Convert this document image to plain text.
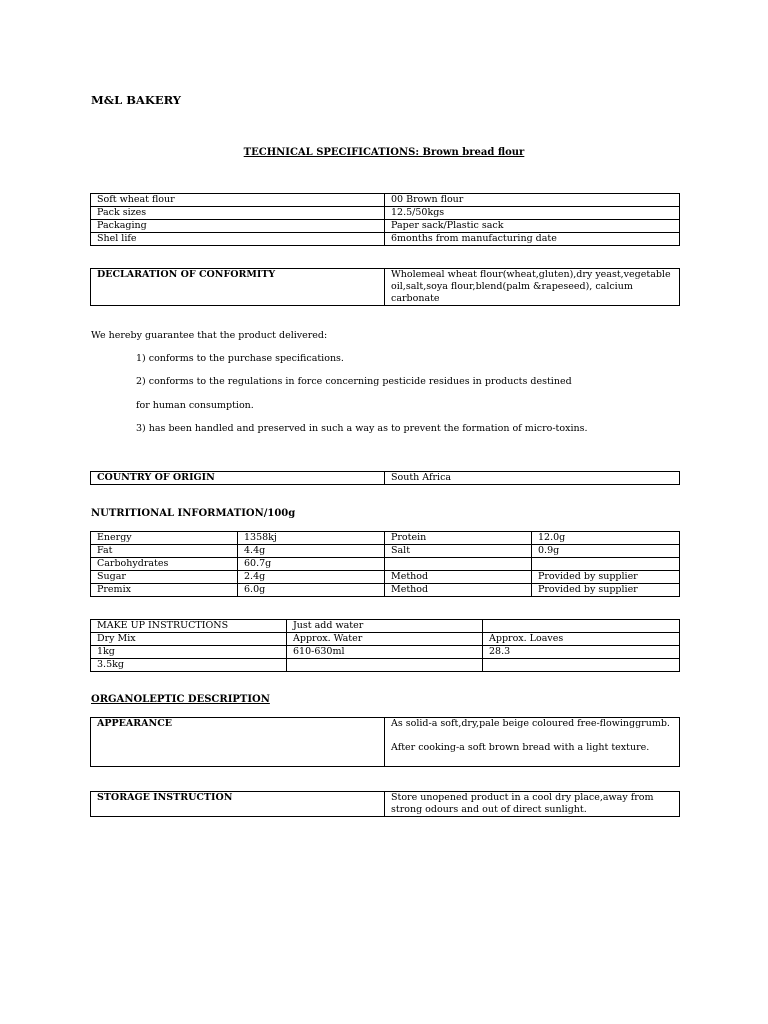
M&L BAKERY
TECHNICAL SPECIFICATIONS: Brown bread flour
Soft wheat flour	00 Brown flour
Pack sizes	12.5/50kgs
Packaging	Paper sack/Plastic sack
Shel life	6months from manufacturing date
DECLARATION OF CONFORMITY	Wholemeal wheat flour(wheat,gluten),dry yeast,vegetable oil,salt,soya flour,blend(palm &rapeseed), calcium carbonate
We hereby guarantee that the product delivered:
1) conforms to the purchase specifications.
2) conforms to the regulations in force concerning pesticide residues in products destined
for human consumption.
3) has been handled and preserved in such a way as to prevent the formation of micro-toxins.
COUNTRY OF ORIGIN	South Africa
NUTRITIONAL INFORMATION/100g
Energy	1358kj	Protein	12.0g
Fat	4.4g	Salt	0.9g
Carbohydrates	60.7g		
Sugar	2.4g	Method	Provided by supplier
Premix	6.0g	Method	Provided by supplier
MAKE UP INSTRUCTIONS	Just add water	
Dry Mix	Approx. Water	Approx. Loaves
1kg	610-630ml	28.3
3.5kg		
ORGANOLEPTIC DESCRIPTION
APPEARANCE	As solid-a soft,dry,pale beige coloured free-flowinggrumb.
After cooking-a soft brown bread with a light texture.
STORAGE INSTRUCTION	Store unopened product in a cool dry place,away from strong odours and out of direct sunlight.
